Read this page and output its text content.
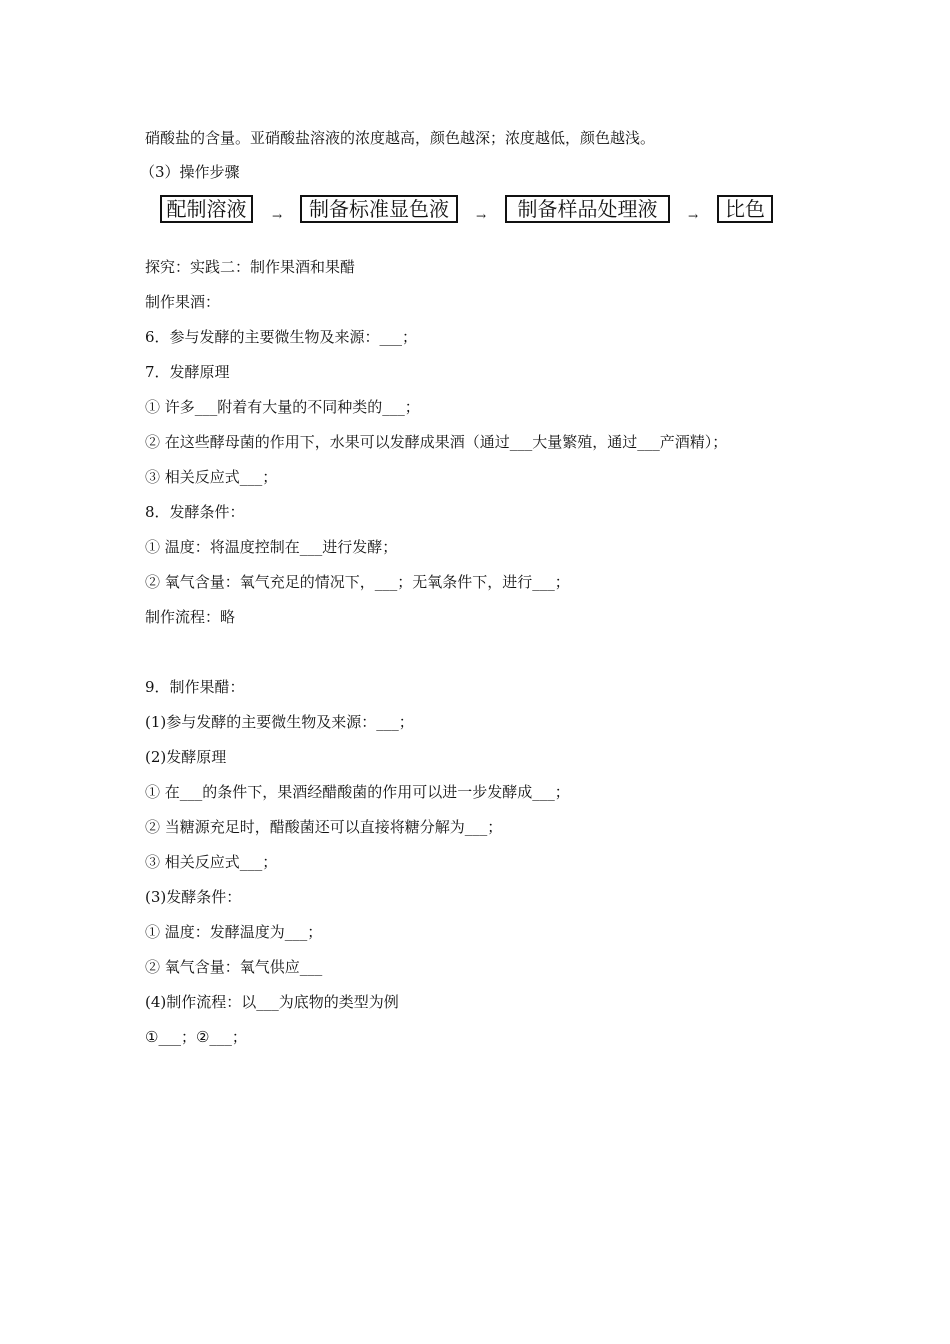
硝酸盐的含量。亚硝酸盐溶液的浓度越高，颜色越深；浓度越低，颜色越浅。
（3）操作步骤
配制溶液	→	制备标准显色液	→	制备样品处理液	→	比色
探究：实践二：制作果酒和果醋
制作果酒：
6．参与发酵的主要微生物及来源：___；
7．发酵原理
① 许多___附着有大量的不同种类的___；
② 在这些酵母菌的作用下，水果可以发酵成果酒（通过___大量繁殖，通过___产酒精）；
③ 相关反应式___；
8．发酵条件：
① 温度：将温度控制在___进行发酵；
② 氧气含量：氧气充足的情况下，___；无氧条件下，进行___；
制作流程：略
9．制作果醋：
(1)参与发酵的主要微生物及来源：___；
(2)发酵原理
① 在___的条件下，果酒经醋酸菌的作用可以进一步发酵成___；
② 当糖源充足时，醋酸菌还可以直接将糖分解为___；
③ 相关反应式___；
(3)发酵条件：
① 温度：发酵温度为___；
② 氧气含量：氧气供应___
(4)制作流程：以___为底物的类型为例
①___；②___；
